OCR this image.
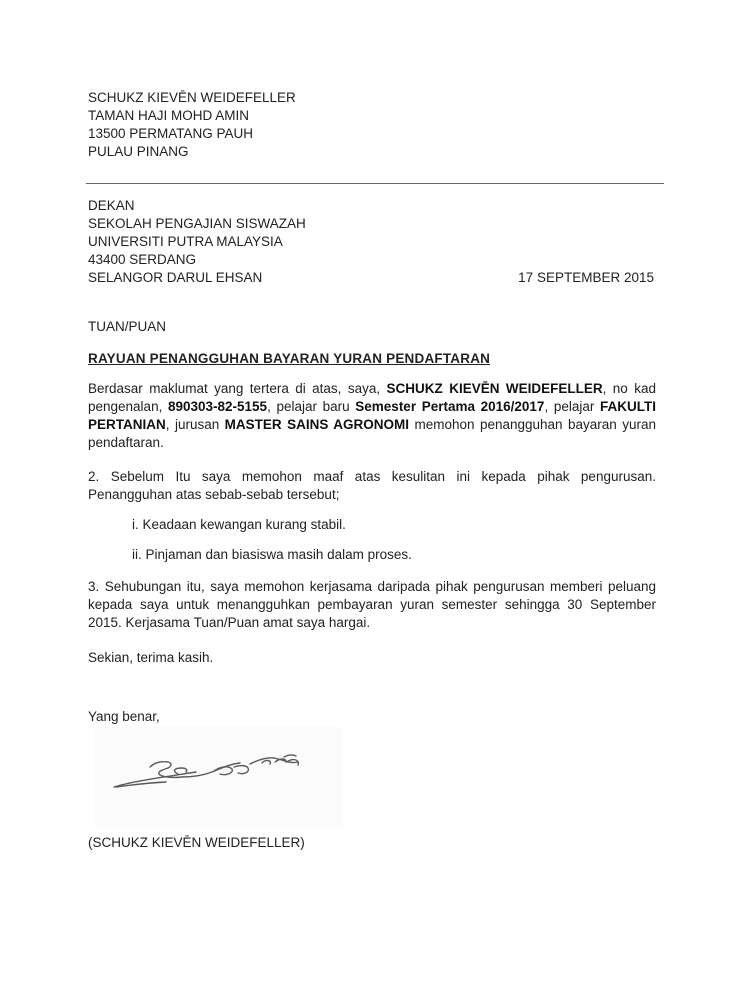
SCHUKZ KIEVĒN WEIDEFELLER
TAMAN HAJI MOHD AMIN
13500 PERMATANG PAUH
PULAU PINANG
DEKAN
SEKOLAH PENGAJIAN SISWAZAH
UNIVERSITI PUTRA MALAYSIA
43400 SERDANG
SELANGOR DARUL EHSAN	17 SEPTEMBER 2015
TUAN/PUAN
RAYUAN PENANGGUHAN BAYARAN YURAN PENDAFTARAN
Berdasar maklumat yang tertera di atas, saya, SCHUKZ KIEVĒN WEIDEFELLER, no kad pengenalan, 890303-82-5155, pelajar baru Semester Pertama 2016/2017, pelajar FAKULTI PERTANIAN, jurusan MASTER SAINS AGRONOMI memohon penangguhan bayaran yuran pendaftaran.
2. Sebelum Itu saya memohon maaf atas kesulitan ini kepada pihak pengurusan. Penangguhan atas sebab-sebab tersebut;
i. Keadaan kewangan kurang stabil.
ii. Pinjaman dan biasiswa masih dalam proses.
3. Sehubungan itu, saya memohon kerjasama daripada pihak pengurusan memberi peluang kepada saya untuk menangguhkan pembayaran yuran semester sehingga 30 September 2015. Kerjasama Tuan/Puan amat saya hargai.
Sekian, terima kasih.
Yang benar,
(SCHUKZ KIEVĒN WEIDEFELLER)
